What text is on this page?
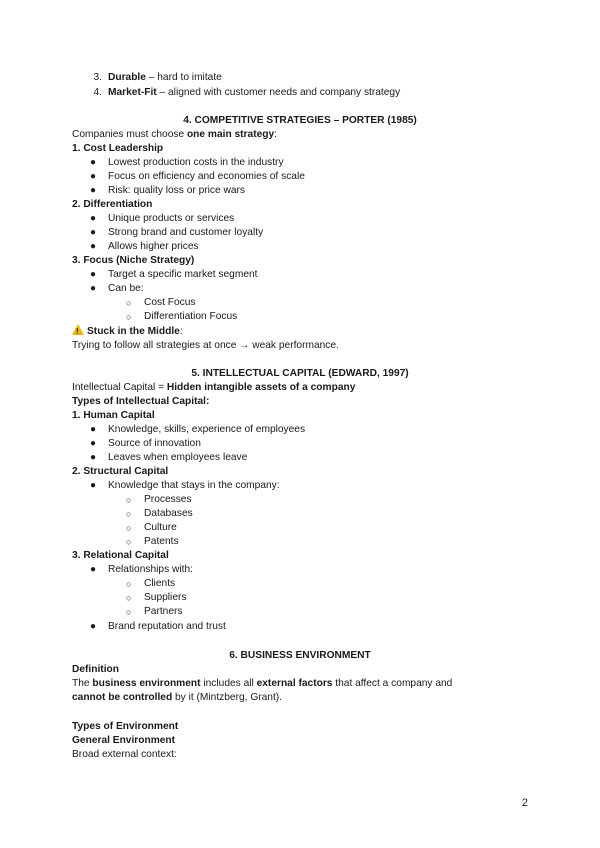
3. Durable – hard to imitate
4. Market-Fit – aligned with customer needs and company strategy
4. COMPETITIVE STRATEGIES – PORTER (1985)
Companies must choose one main strategy:
1. Cost Leadership
● Lowest production costs in the industry
● Focus on efficiency and economies of scale
● Risk: quality loss or price wars
2. Differentiation
● Unique products or services
● Strong brand and customer loyalty
● Allows higher prices
3. Focus (Niche Strategy)
● Target a specific market segment
● Can be:
○ Cost Focus
○ Differentiation Focus
!Stuck in the Middle:
Trying to follow all strategies at once → weak performance.
5. INTELLECTUAL CAPITAL (EDWARD, 1997)
Intellectual Capital = Hidden intangible assets of a company
Types of Intellectual Capital:
1. Human Capital
● Knowledge, skills, experience of employees
● Source of innovation
● Leaves when employees leave
2. Structural Capital
● Knowledge that stays in the company:
○ Processes
○ Databases
○ Culture
○ Patents
3. Relational Capital
● Relationships with:
○ Clients
○ Suppliers
○ Partners
● Brand reputation and trust
6. BUSINESS ENVIRONMENT
Definition
The business environment includes all external factors that affect a company and
cannot be controlled by it (Mintzberg, Grant).
Types of Environment
General Environment
Broad external context:
2
